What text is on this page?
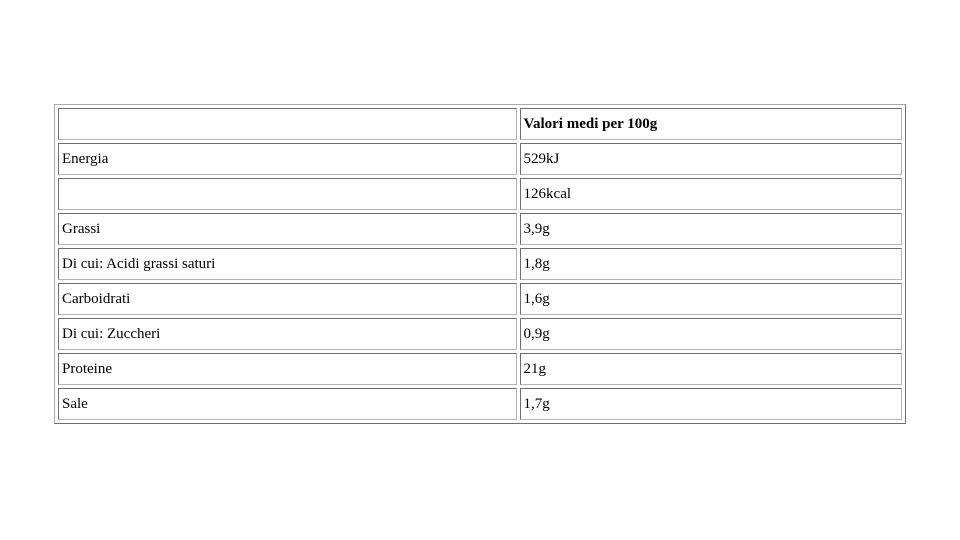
	Valori medi per 100g
Energia	529kJ
	126kcal
Grassi	3,9g
Di cui: Acidi grassi saturi	1,8g
Carboidrati	1,6g
Di cui: Zuccheri	0,9g
Proteine	21g
Sale	1,7g
